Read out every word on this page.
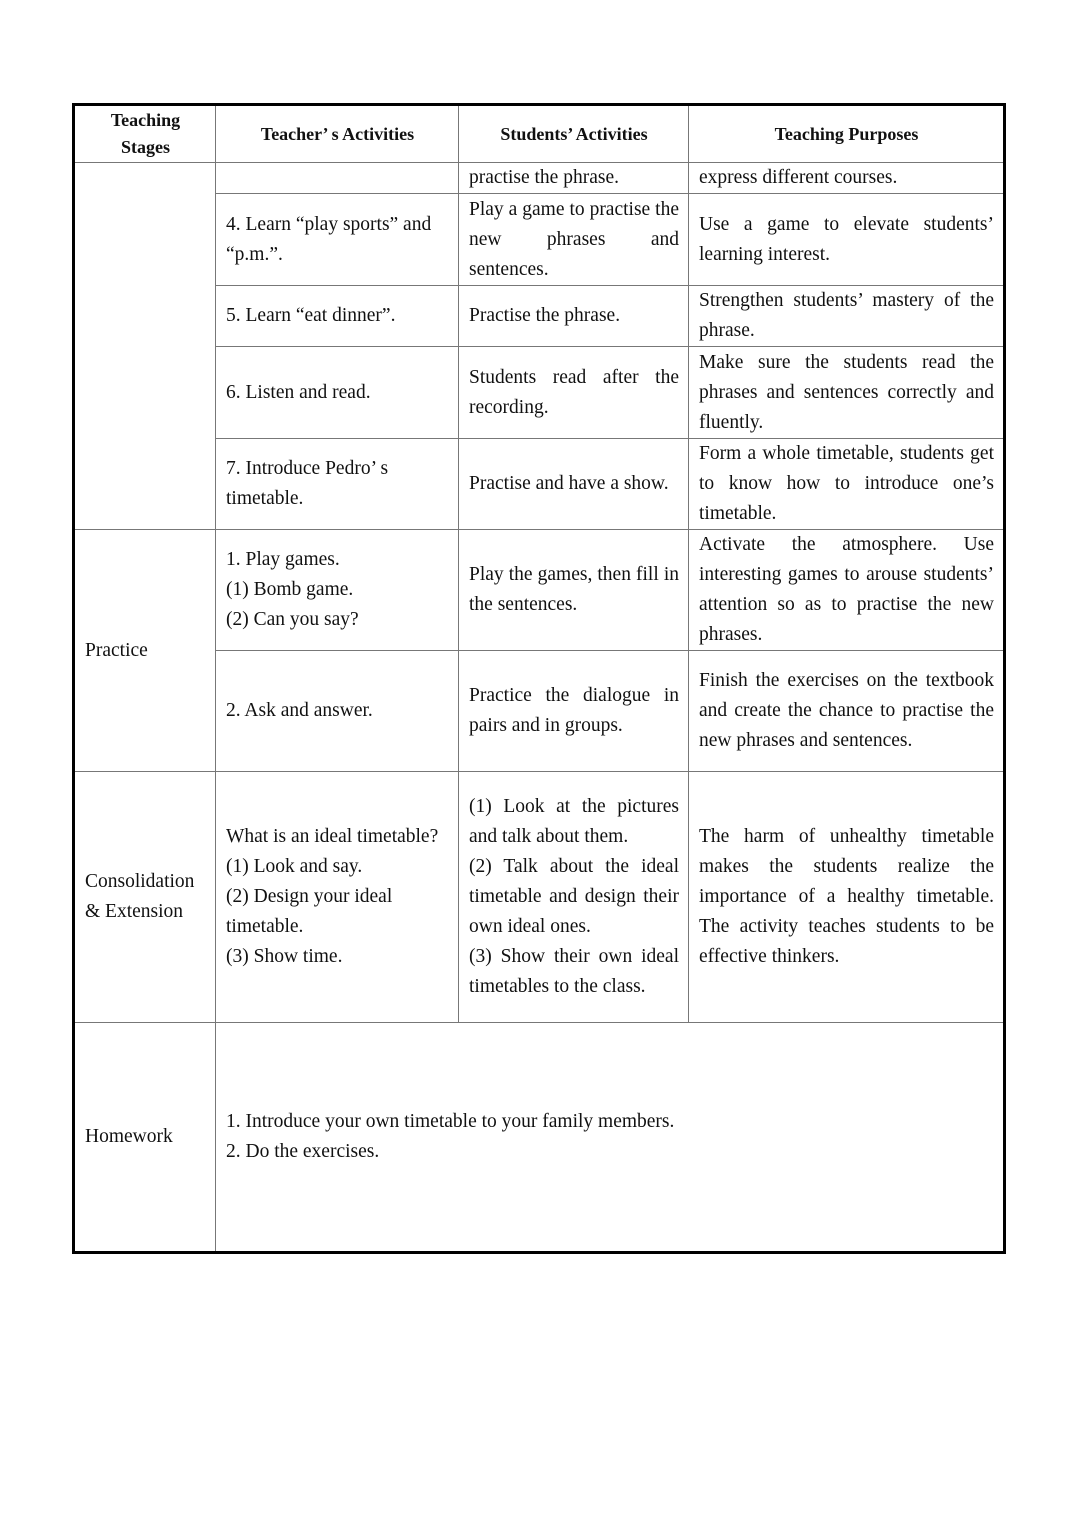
Teaching Stages	Teacher’ s Activities	Students’ Activities	Teaching Purposes
		practise the phrase.	express different courses.
	4. Learn “play sports” and “p.m.”.	Play a game to practise the new phrases and sentences.	Use a game to elevate students’ learning interest.
	5. Learn “eat dinner”.	Practise the phrase.	Strengthen students’ mastery of the phrase.
	6. Listen and read.	Students read after the recording.	Make sure the students read the phrases and sentences correctly and fluently.
	7. Introduce Pedro’ s timetable.	Practise and have a show.	Form a whole timetable, students get to know how to introduce one’s timetable.
Practice	1. Play games.
(1) Bomb game.
(2) Can you say?	Play the games, then fill in the sentences.	Activate the atmosphere. Use interesting games to arouse students’ attention so as to practise the new phrases.

	2. Ask and answer.	Practice the dialogue in pairs and in groups.	Finish the exercises on the textbook and create the chance to practise the new phrases and sentences.
Consolidation & Extension	What is an ideal timetable?
(1) Look and say.
(2) Design your ideal timetable.
(3) Show time.	(1) Look at the pictures and talk about them.
(2) Talk about the ideal timetable and design their own ideal ones.
(3) Show their own ideal timetables to the class.	The harm of unhealthy timetable makes the students realize the importance of a healthy timetable. The activity teaches students to be effective thinkers.
Homework	1. Introduce your own timetable to your family members.
2. Do the exercises.		
